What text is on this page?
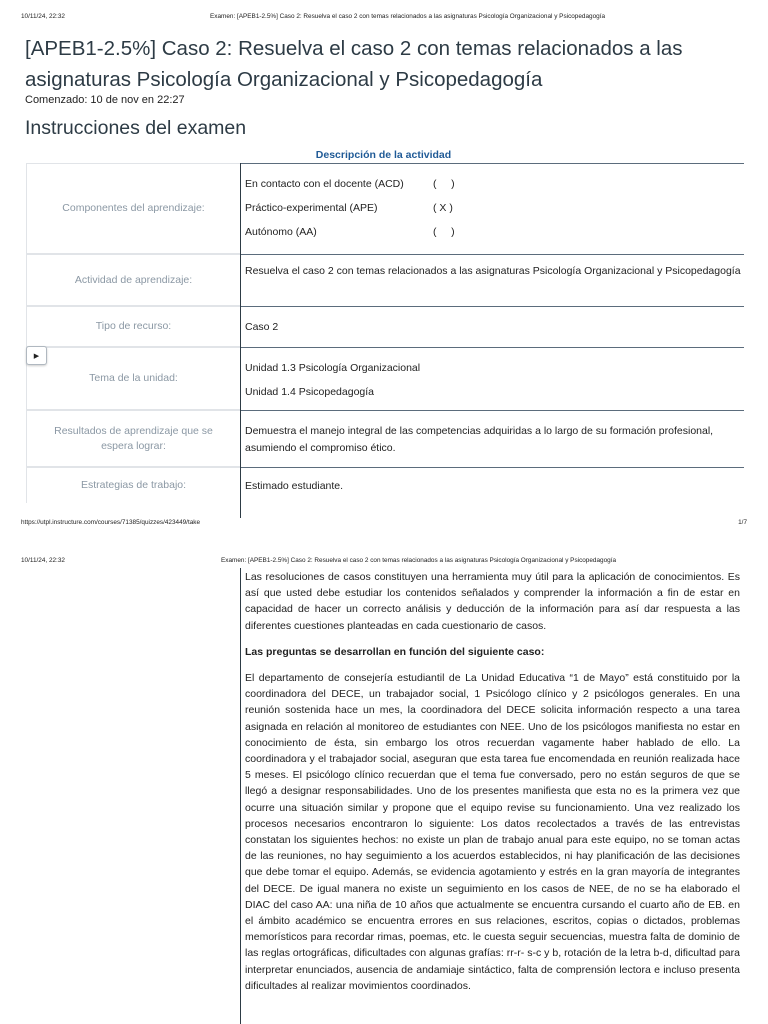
10/11/24, 22:32	Examen: [APEB1-2.5%] Caso 2: Resuelva el caso 2 con temas relacionados a las asignaturas Psicología Organizacional y Psicopedagogía
[APEB1-2.5%] Caso 2: Resuelva el caso 2 con temas relacionados a las asignaturas Psicología Organizacional y Psicopedagogía
Comenzado: 10 de nov en 22:27
Instrucciones del examen
Descripción de la actividad
Componentes del aprendizaje:
En contacto con el docente (ACD)	(     )
Práctico-experimental (APE)	( X )
Autónomo (AA)	(     )
Actividad de aprendizaje:
Resuelva el caso 2 con temas relacionados a las asignaturas Psicología Organizacional y Psicopedagogía
Tipo de recurso:	Caso 2
Tema de la unidad:
Unidad 1.3 Psicología Organizacional
Unidad 1.4 Psicopedagogía
▶
Resultados de aprendizaje que se espera lograr:
Demuestra el manejo integral de las competencias adquiridas a lo largo de su formación profesional, asumiendo el compromiso ético.
Estrategias de trabajo:	Estimado estudiante.
https://utpl.instructure.com/courses/71385/quizzes/423449/take	1/7
10/11/24, 22:32	Examen: [APEB1-2.5%] Caso 2: Resuelva el caso 2 con temas relacionados a las asignaturas Psicología Organizacional y Psicopedagogía

Las resoluciones de casos constituyen una herramienta muy útil para la aplicación de conocimientos. Es así que usted debe estudiar los contenidos señalados y comprender la información a fin de estar en capacidad de hacer un correcto análisis y deducción de la información para así dar respuesta a las diferentes cuestiones planteadas en cada cuestionario de casos.

Las preguntas se desarrollan en función del siguiente caso:

El departamento de consejería estudiantil de La Unidad Educativa “1 de Mayo” está constituido por la coordinadora del DECE, un trabajador social, 1 Psicólogo clínico y 2 psicólogos generales. En una reunión sostenida hace un mes, la coordinadora del DECE solicita información respecto a una tarea asignada en relación al monitoreo de estudiantes con NEE. Uno de los psicólogos manifiesta no estar en conocimiento de ésta, sin embargo los otros recuerdan vagamente haber hablado de ello. La coordinadora y el trabajador social, aseguran que esta tarea fue encomendada en reunión realizada hace 5 meses. El psicólogo clínico recuerdan que el tema fue conversado, pero no están seguros de que se llegó a designar responsabilidades. Uno de los presentes manifiesta que esta no es la primera vez que ocurre una situación similar y propone que el equipo revise su funcionamiento. Una vez realizado los procesos necesarios encontraron lo siguiente: Los datos recolectados a través de las entrevistas constatan los siguientes hechos: no existe un plan de trabajo anual para este equipo, no se toman actas de las reuniones, no hay seguimiento a los acuerdos establecidos, ni hay planificación de las decisiones que debe tomar el equipo. Además, se evidencia agotamiento y estrés en la gran mayoría de integrantes del DECE. De igual manera no existe un seguimiento en los casos de NEE, de no se ha elaborado el DIAC del caso AA: una niña de 10 años que actualmente se encuentra cursando el cuarto año de EB. en el ámbito académico se encuentra errores en sus relaciones, escritos, copias o dictados, problemas memorísticos para recordar rimas, poemas, etc. le cuesta seguir secuencias, muestra falta de dominio de las reglas ortográficas, dificultades con algunas grafías: rr-r- s-c y b, rotación de la letra b-d, dificultad para interpretar enunciados, ausencia de andamiaje sintáctico, falta de comprensión lectora e incluso presenta dificultades al realizar movimientos coordinados.
